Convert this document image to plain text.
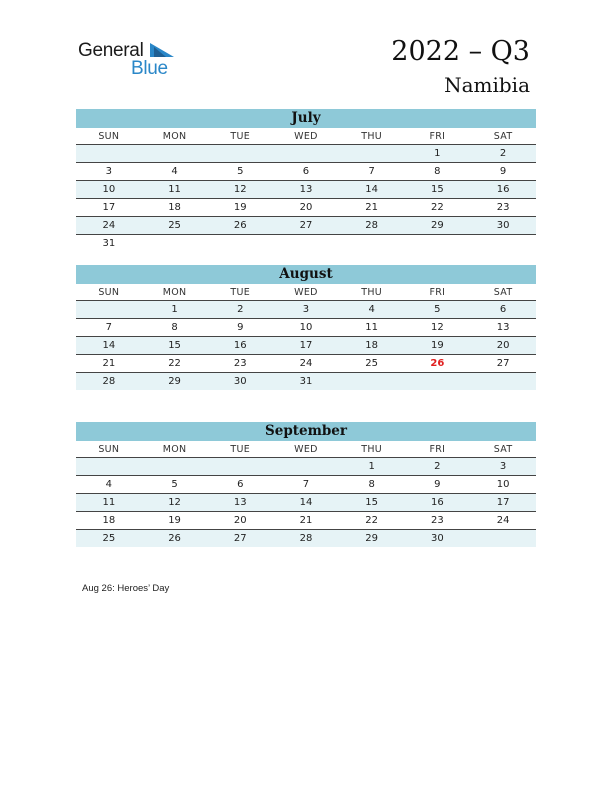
General
Blue
2022 – Q3
Namibia
July
SUN	MON	TUE	WED	THU	FRI	SAT
					1	2
3	4	5	6	7	8	9
10	11	12	13	14	15	16
17	18	19	20	21	22	23
24	25	26	27	28	29	30
31						
August
SUN	MON	TUE	WED	THU	FRI	SAT
	1	2	3	4	5	6
7	8	9	10	11	12	13
14	15	16	17	18	19	20
21	22	23	24	25	26	27
28	29	30	31			
September
SUN	MON	TUE	WED	THU	FRI	SAT
				1	2	3
4	5	6	7	8	9	10
11	12	13	14	15	16	17
18	19	20	21	22	23	24
25	26	27	28	29	30	
Aug 26: Heroes’ Day
